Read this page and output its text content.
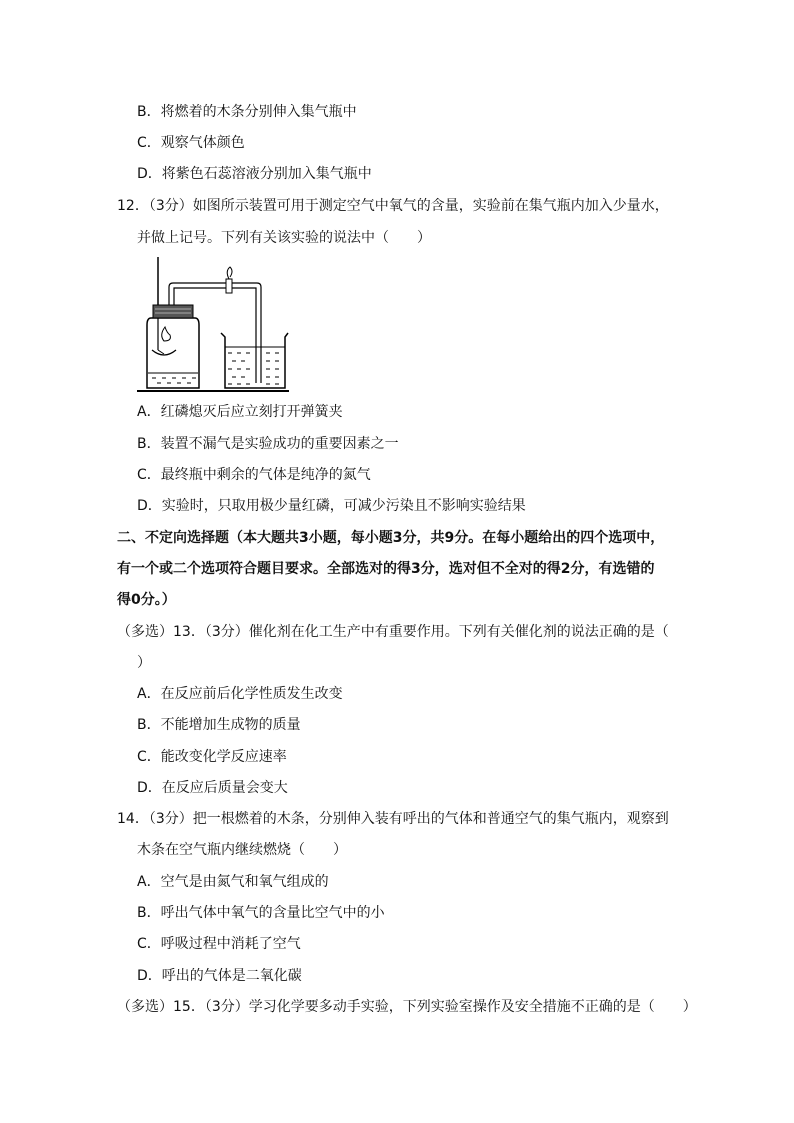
B．将燃着的木条分别伸入集气瓶中
C．观察气体颜色
D．将紫色石蕊溶液分别加入集气瓶中
12．（3分）如图所示装置可用于测定空气中氧气的含量，实验前在集气瓶内加入少量水，
并做上记号。下列有关该实验的说法中（　　）
A．红磷熄灭后应立刻打开弹簧夹
B．装置不漏气是实验成功的重要因素之一
C．最终瓶中剩余的气体是纯净的氮气
D．实验时，只取用极少量红磷，可减少污染且不影响实验结果
二、不定向选择题（本大题共3小题，每小题3分，共9分。在每小题给出的四个选项中，
有一个或二个选项符合题目要求。全部选对的得3分，选对但不全对的得2分，有选错的
得0分。）
（多选）13．（3分）催化剂在化工生产中有重要作用。下列有关催化剂的说法正确的是（
）
A．在反应前后化学性质发生改变
B．不能增加生成物的质量
C．能改变化学反应速率
D．在反应后质量会变大
14．（3分）把一根燃着的木条，分别伸入装有呼出的气体和普通空气的集气瓶内，观察到
木条在空气瓶内继续燃烧（　　）
A．空气是由氮气和氧气组成的
B．呼出气体中氧气的含量比空气中的小
C．呼吸过程中消耗了空气
D．呼出的气体是二氧化碳
（多选）15．（3分）学习化学要多动手实验，下列实验室操作及安全措施不正确的是（　　）
